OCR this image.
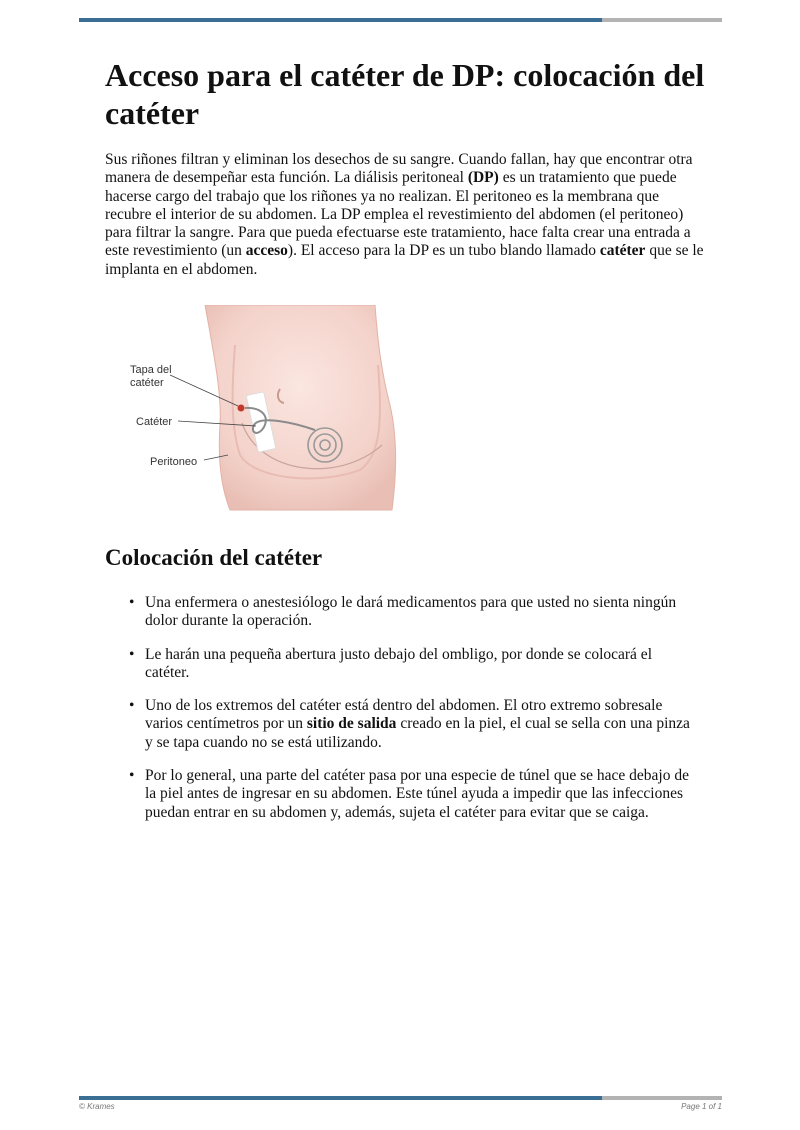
Acceso para el catéter de DP: colocación del catéter

Sus riñones filtran y eliminan los desechos de su sangre. Cuando fallan, hay que encontrar otra manera de desempeñar esta función. La diálisis peritoneal (DP) es un tratamiento que puede hacerse cargo del trabajo que los riñones ya no realizan. El peritoneo es la membrana que recubre el interior de su abdomen. La DP emplea el revestimiento del abdomen (el peritoneo) para filtrar la sangre. Para que pueda efectuarse este tratamiento, hace falta crear una entrada a este revestimiento (un acceso). El acceso para la DP es un tubo blando llamado catéter que se le implanta en el abdomen.

Tapa del
catéter
Catéter
Peritoneo
Colocación del catéter
• Una enfermera o anestesiólogo le dará medicamentos para que usted no sienta ningún dolor durante la operación.
• Le harán una pequeña abertura justo debajo del ombligo, por donde se colocará el catéter.
• Uno de los extremos del catéter está dentro del abdomen. El otro extremo sobresale varios centímetros por un sitio de salida creado en la piel, el cual se sella con una pinza y se tapa cuando no se está utilizando.
• Por lo general, una parte del catéter pasa por una especie de túnel que se hace debajo de la piel antes de ingresar en su abdomen. Este túnel ayuda a impedir que las infecciones puedan entrar en su abdomen y, además, sujeta el catéter para evitar que se caiga.
© Krames	Page 1 of 1
